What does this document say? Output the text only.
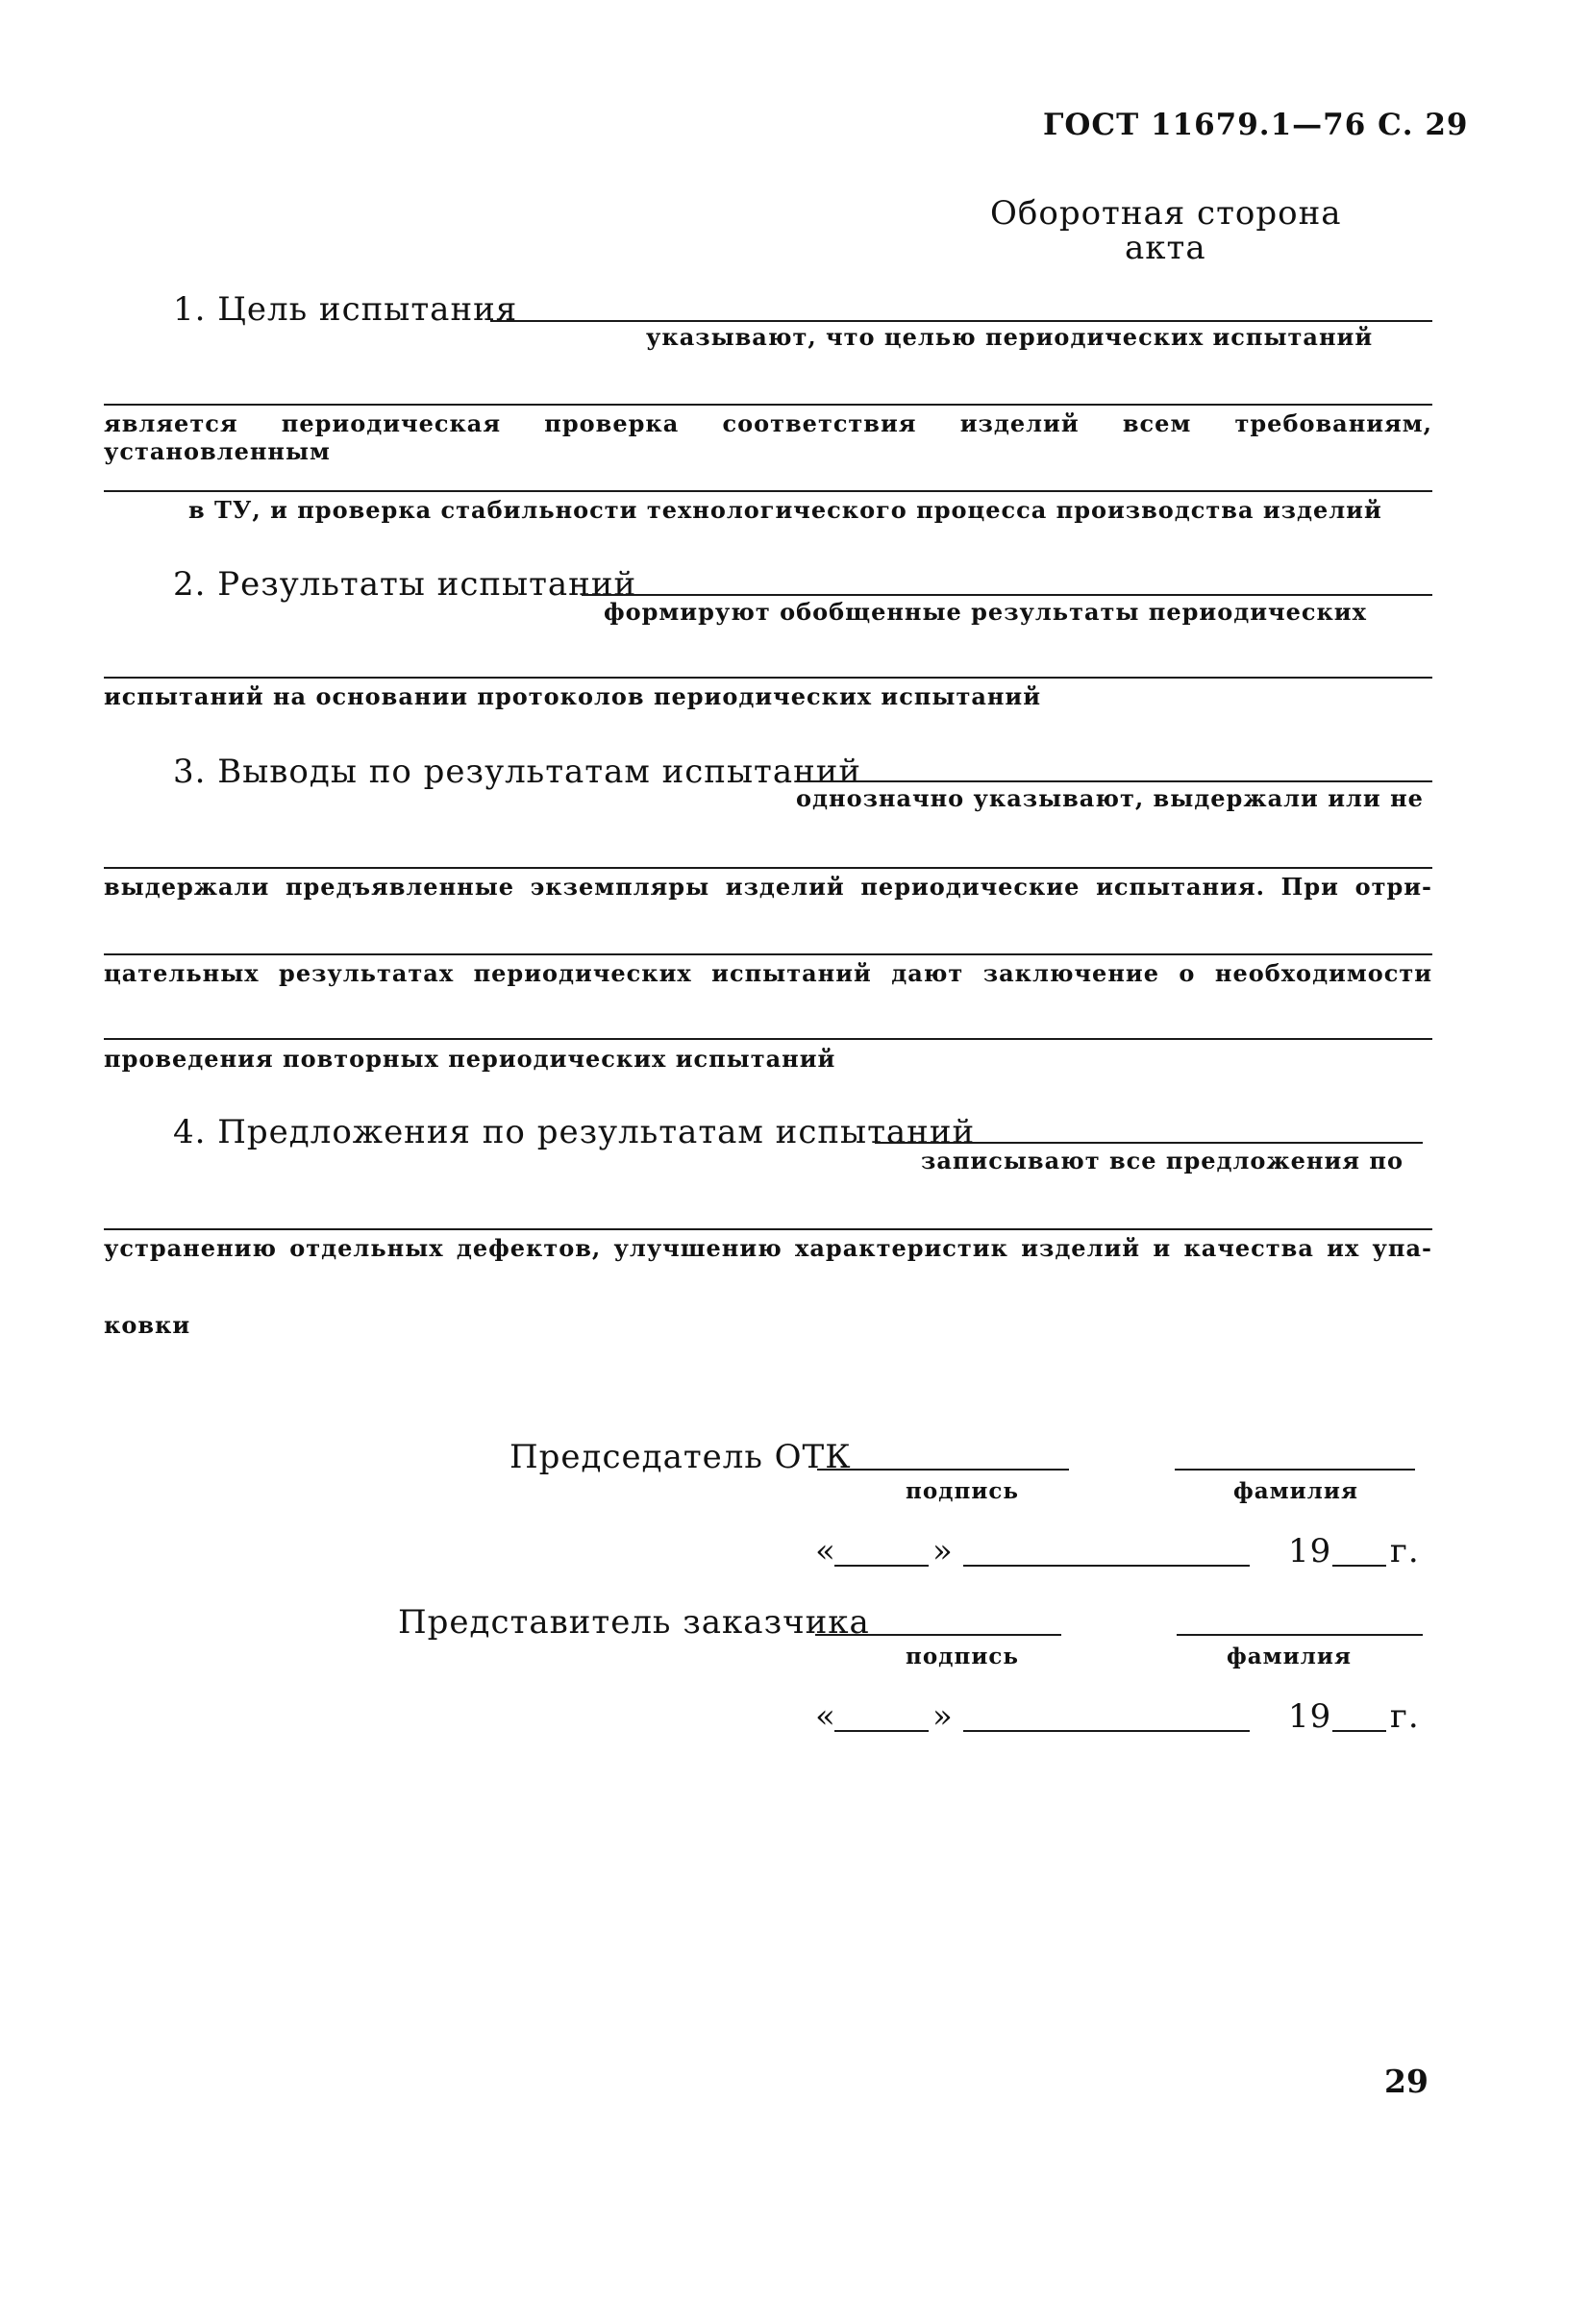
ГОСТ 11679.1—76 С. 29
Оборотная сторона
акта
1. Цель испытания
указывают, что целью периодических испытаний
является периодическая проверка соответствия изделий всем требованиям, установленным
в ТУ, и проверка стабильности технологического процесса производства изделий
2. Результаты испытаний
формируют обобщенные результаты периодических
испытаний на основании протоколов периодических испытаний
3. Выводы по результатам испытаний
однозначно указывают, выдержали или не
выдержали предъявленные экземпляры изделий периодические испытания. При отри-
цательных результатах периодических испытаний дают заключение о необходимости
проведения повторных периодических испытаний
4. Предложения по результатам испытаний
записывают все предложения по
устранению отдельных дефектов, улучшению характеристик изделий и качества их упа-
ковки
Председатель ОТК
подпись	фамилия
«	»	19 г.
Представитель заказчика
подпись	фамилия
«	»	19 г.
29
